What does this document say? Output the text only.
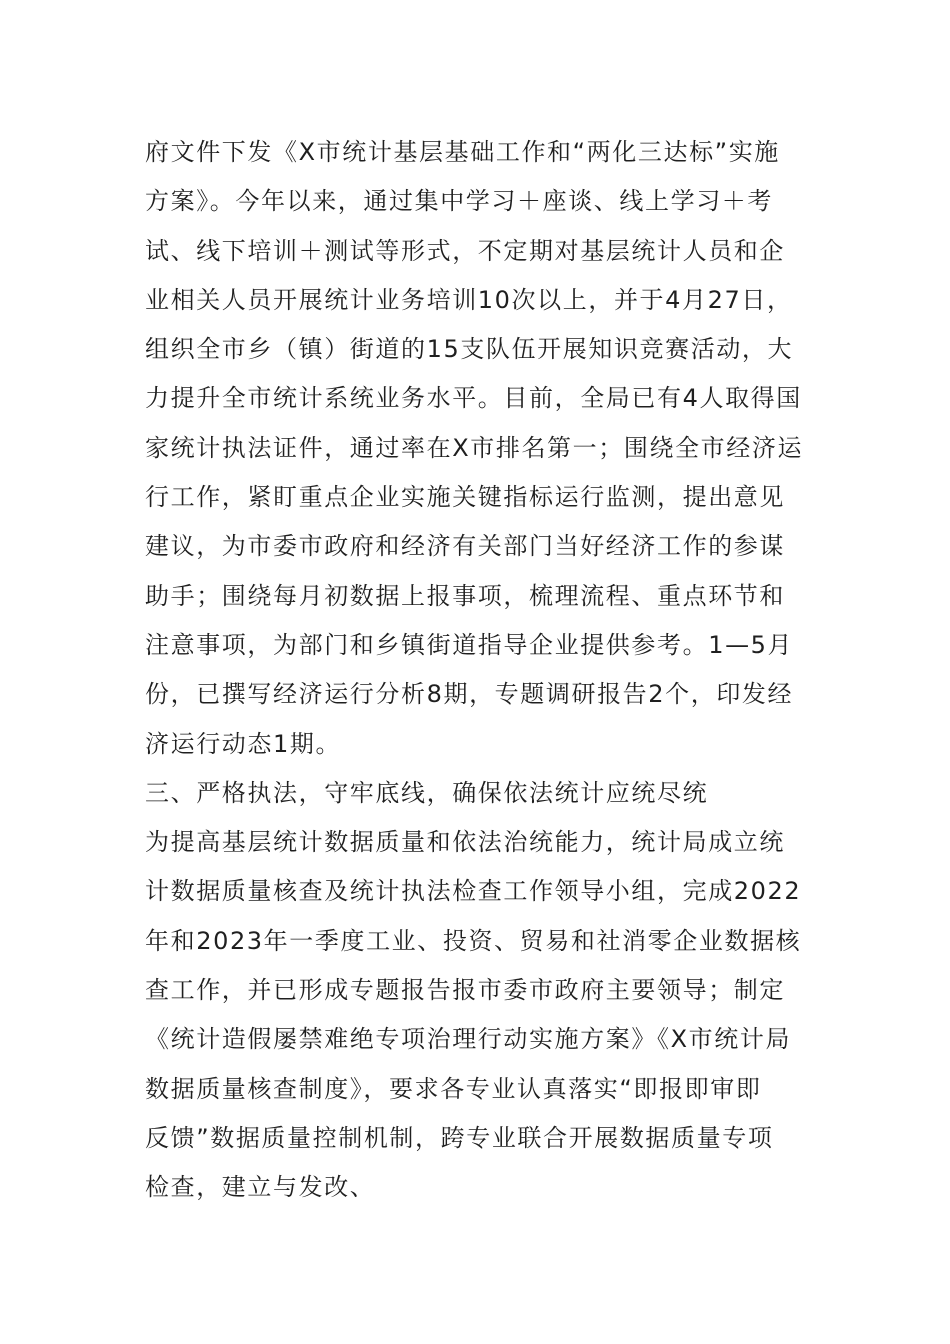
府文件下发《X市统计基层基础工作和“两化三达标”实施
方案》。今年以来，通过集中学习＋座谈、线上学习＋考
试、线下培训＋测试等形式，不定期对基层统计人员和企
业相关人员开展统计业务培训10次以上，并于4月27日，
组织全市乡（镇）街道的15支队伍开展知识竞赛活动，大
力提升全市统计系统业务水平。目前，全局已有4人取得国
家统计执法证件，通过率在X市排名第一；围绕全市经济运
行工作，紧盯重点企业实施关键指标运行监测，提出意见
建议，为市委市政府和经济有关部门当好经济工作的参谋
助手；围绕每月初数据上报事项，梳理流程、重点环节和
注意事项，为部门和乡镇街道指导企业提供参考。1—5月
份，已撰写经济运行分析8期，专题调研报告2个，印发经
济运行动态1期。
三、严格执法，守牢底线，确保依法统计应统尽统
为提高基层统计数据质量和依法治统能力，统计局成立统
计数据质量核查及统计执法检查工作领导小组，完成2022
年和2023年一季度工业、投资、贸易和社消零企业数据核
查工作，并已形成专题报告报市委市政府主要领导；制定
《统计造假屡禁难绝专项治理行动实施方案》《X市统计局
数据质量核查制度》，要求各专业认真落实“即报即审即
反馈”数据质量控制机制，跨专业联合开展数据质量专项
检查，建立与发改、
